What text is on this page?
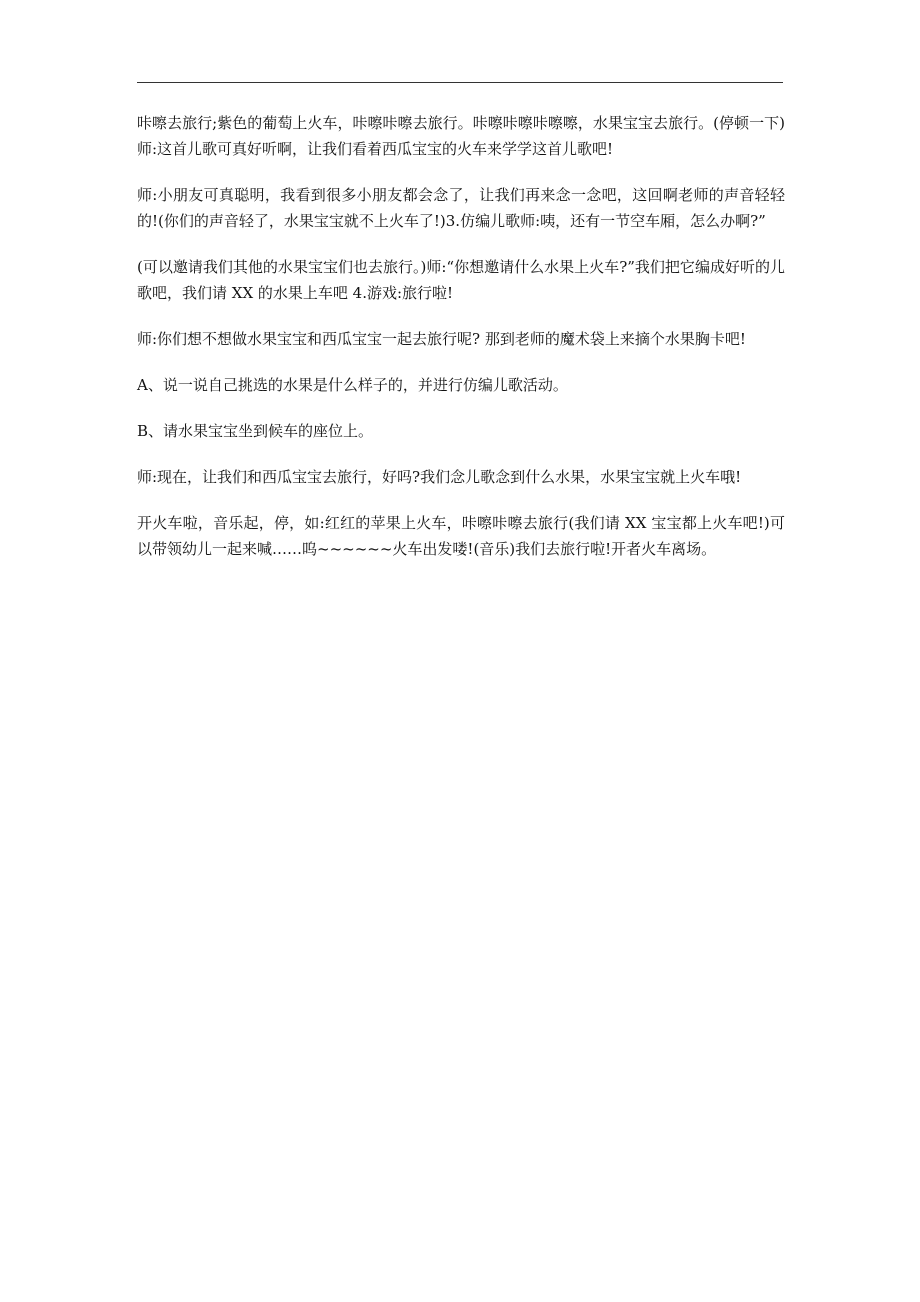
咔嚓去旅行;紫色的葡萄上火车，咔嚓咔嚓去旅行。咔嚓咔嚓咔嚓嚓，水果宝宝去旅行。(停顿一下)师:这首儿歌可真好听啊，让我们看着西瓜宝宝的火车来学学这首儿歌吧!

师:小朋友可真聪明，我看到很多小朋友都会念了，让我们再来念一念吧，这回啊老师的声音轻轻的!(你们的声音轻了，水果宝宝就不上火车了!)3.仿编儿歌师:咦，还有一节空车厢，怎么办啊?”

(可以邀请我们其他的水果宝宝们也去旅行。)师:“你想邀请什么水果上火车?”我们把它编成好听的儿歌吧，我们请 XX 的水果上车吧 4.游戏:旅行啦!

师:你们想不想做水果宝宝和西瓜宝宝一起去旅行呢? 那到老师的魔术袋上来摘个水果胸卡吧!

A、说一说自己挑选的水果是什么样子的，并进行仿编儿歌活动。

B、请水果宝宝坐到候车的座位上。

师:现在，让我们和西瓜宝宝去旅行，好吗?我们念儿歌念到什么水果，水果宝宝就上火车哦!

开火车啦，音乐起，停，如:红红的苹果上火车，咔嚓咔嚓去旅行(我们请 XX 宝宝都上火车吧!)可以带领幼儿一起来喊……呜~~~~~~火车出发喽!(音乐)我们去旅行啦!开者火车离场。
